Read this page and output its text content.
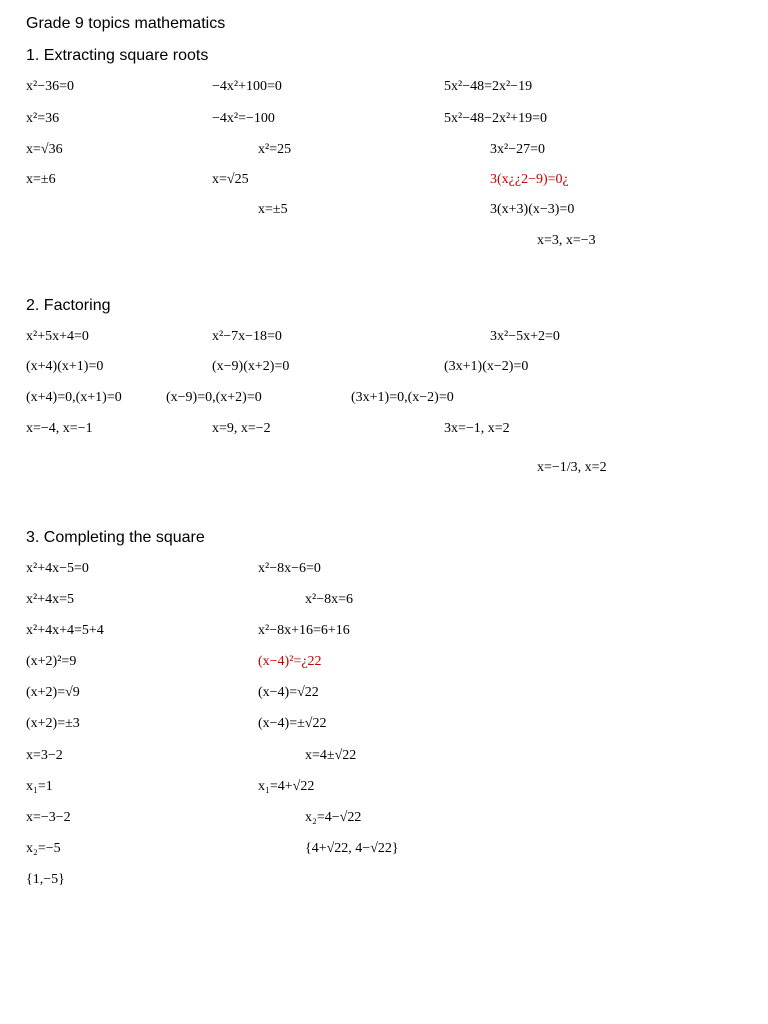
Grade 9 topics mathematics
1. Extracting square roots
x²−36=0
x²=36
x=√36
x=±6
−4x²+100=0
−4x²=−100
x²=25
x=√25
x=±5
5x²−48=2x²−19
5x²−48−2x²+19=0
3x²−27=0
3(x¿¿2−9)=0¿
3(x+3)(x−3)=0
x=3, x=−3
2. Factoring
x²+5x+4=0
(x+4)(x+1)=0
(x+4)=0,(x+1)=0
x=−4, x=−1
x²−7x−18=0
(x−9)(x+2)=0
(x−9)=0,(x+2)=0
x=9, x=−2
3x²−5x+2=0
(3x+1)(x−2)=0
(3x+1)=0,(x−2)=0
3x=−1, x=2
x=−1/3, x=2
3. Completing the square
x²+4x−5=0
x²+4x=5
x²+4x+4=5+4
(x+2)²=9
(x+2)=√9
(x+2)=±3
x=3−2
x₁=1
x=−3−2
x₂=−5
{1,−5}
x²−8x−6=0
x²−8x=6
x²−8x+16=6+16
(x−4)²=¿22
(x−4)=√22
(x−4)=±√22
x=4±√22
x₁=4+√22
x₂=4−√22
{4+√22, 4−√22}
